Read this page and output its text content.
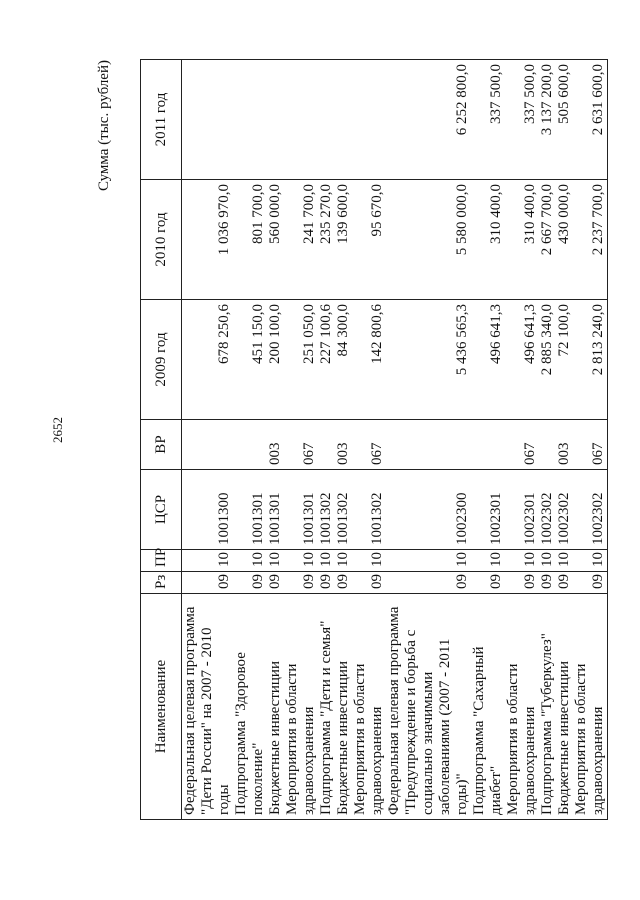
2652
Сумма (тыс. рублей)
Наименование	Рз	ПР	ЦСР	ВР	2009 год	2010 год	2011 год
Федеральная целевая программа "Дети России" на 2007 - 2010 годы	09	10	1001300		678 250,6	1 036 970,0	
Подпрограмма "Здоровое поколение"	09	10	1001301		451 150,0	801 700,0	
Бюджетные инвестиции	09	10	1001301	003	200 100,0	560 000,0	
Мероприятия в области здравоохранения	09	10	1001301	067	251 050,0	241 700,0	
Подпрограмма "Дети и семья"	09	10	1001302		227 100,6	235 270,0	
Бюджетные инвестиции	09	10	1001302	003	84 300,0	139 600,0	
Мероприятия в области здравоохранения	09	10	1001302	067	142 800,6	95 670,0	
Федеральная целевая программа "Предупреждение и борьба с социально значимыми заболеваниями (2007 - 2011 годы)"	09	10	1002300		5 436 565,3	5 580 000,0	6 252 800,0
Подпрограмма "Сахарный диабет"	09	10	1002301		496 641,3	310 400,0	337 500,0
Мероприятия в области здравоохранения	09	10	1002301	067	496 641,3	310 400,0	337 500,0
Подпрограмма "Туберкулез"	09	10	1002302		2 885 340,0	2 667 700,0	3 137 200,0
Бюджетные инвестиции	09	10	1002302	003	72 100,0	430 000,0	505 600,0
Мероприятия в области здравоохранения	09	10	1002302	067	2 813 240,0	2 237 700,0	2 631 600,0
